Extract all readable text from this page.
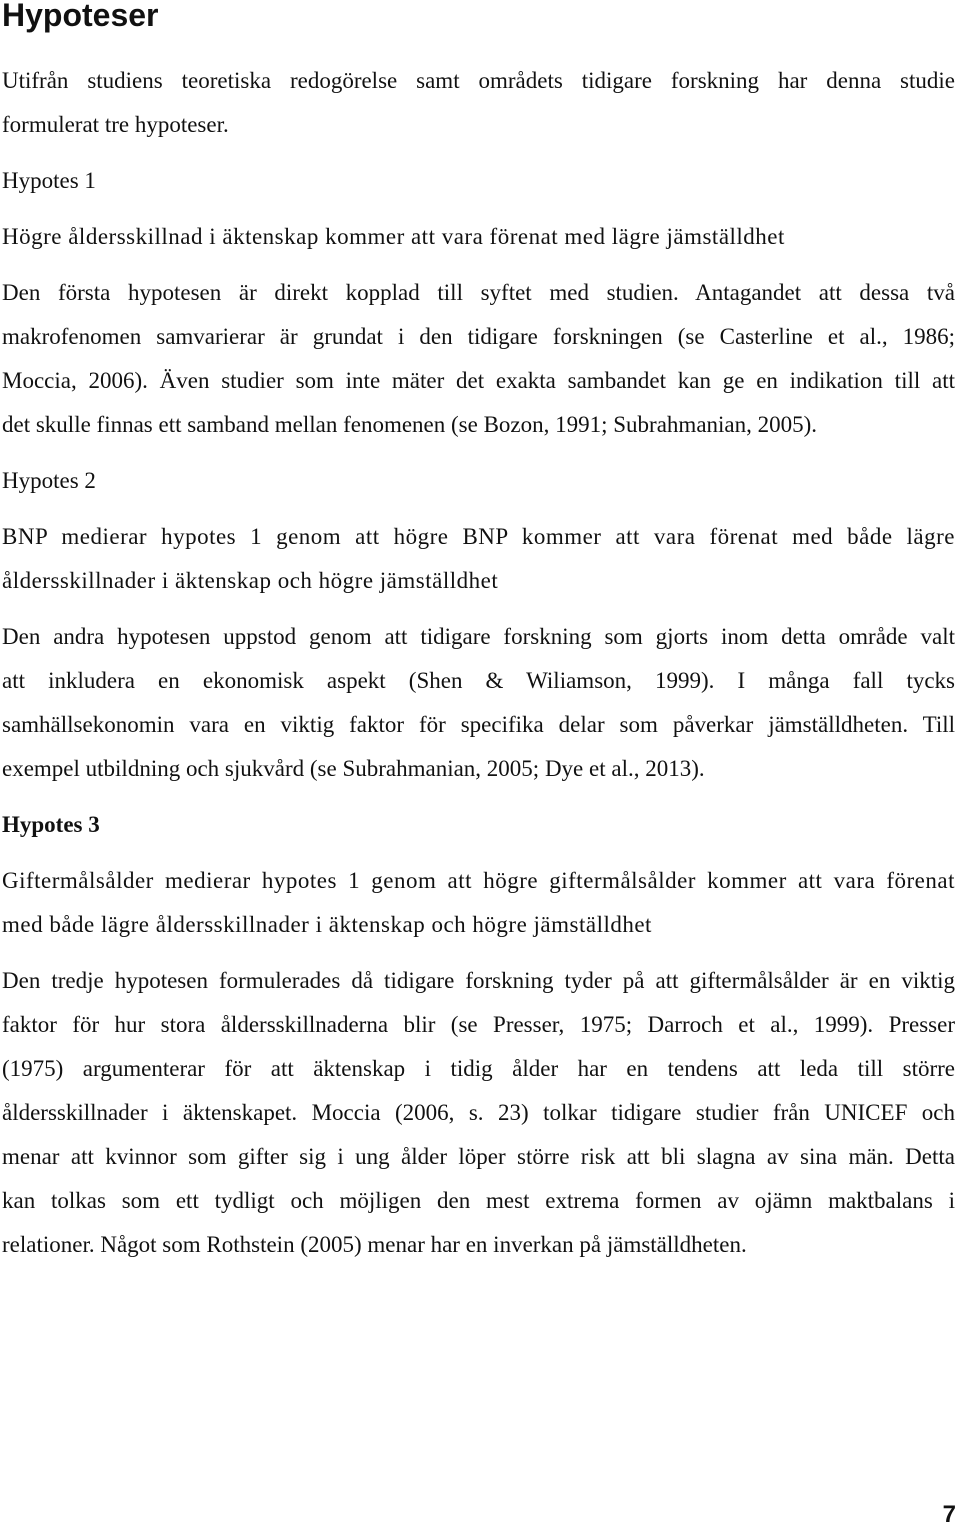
Hypoteser
Utifrån studiens teoretiska redogörelse samt områdets tidigare forskning har denna studie
formulerat tre hypoteser.
Hypotes 1
Högre åldersskillnad i äktenskap kommer att vara förenat med lägre jämställdhet
Den första hypotesen är direkt kopplad till syftet med studien. Antagandet att dessa två
makrofenomen samvarierar är grundat i den tidigare forskningen (se Casterline et al., 1986;
Moccia, 2006). Även studier som inte mäter det exakta sambandet kan ge en indikation till att
det skulle finnas ett samband mellan fenomenen (se Bozon, 1991; Subrahmanian, 2005).
Hypotes 2
BNP medierar hypotes 1 genom att högre BNP kommer att vara förenat med både lägre
åldersskillnader i äktenskap och högre jämställdhet
Den andra hypotesen uppstod genom att tidigare forskning som gjorts inom detta område valt
att inkludera en ekonomisk aspekt (Shen & Wiliamson, 1999). I många fall tycks
samhällsekonomin vara en viktig faktor för specifika delar som påverkar jämställdheten. Till
exempel utbildning och sjukvård (se Subrahmanian, 2005; Dye et al., 2013).
Hypotes 3
Giftermålsålder medierar hypotes 1 genom att högre giftermålsålder kommer att vara förenat
med både lägre åldersskillnader i äktenskap och högre jämställdhet
Den tredje hypotesen formulerades då tidigare forskning tyder på att giftermålsålder är en viktig
faktor för hur stora åldersskillnaderna blir (se Presser, 1975; Darroch et al., 1999). Presser
(1975) argumenterar för att äktenskap i tidig ålder har en tendens att leda till större
åldersskillnader i äktenskapet. Moccia (2006, s. 23) tolkar tidigare studier från UNICEF och
menar att kvinnor som gifter sig i ung ålder löper större risk att bli slagna av sina män. Detta
kan tolkas som ett tydligt och möjligen den mest extrema formen av ojämn maktbalans i
relationer. Något som Rothstein (2005) menar har en inverkan på jämställdheten.
7
